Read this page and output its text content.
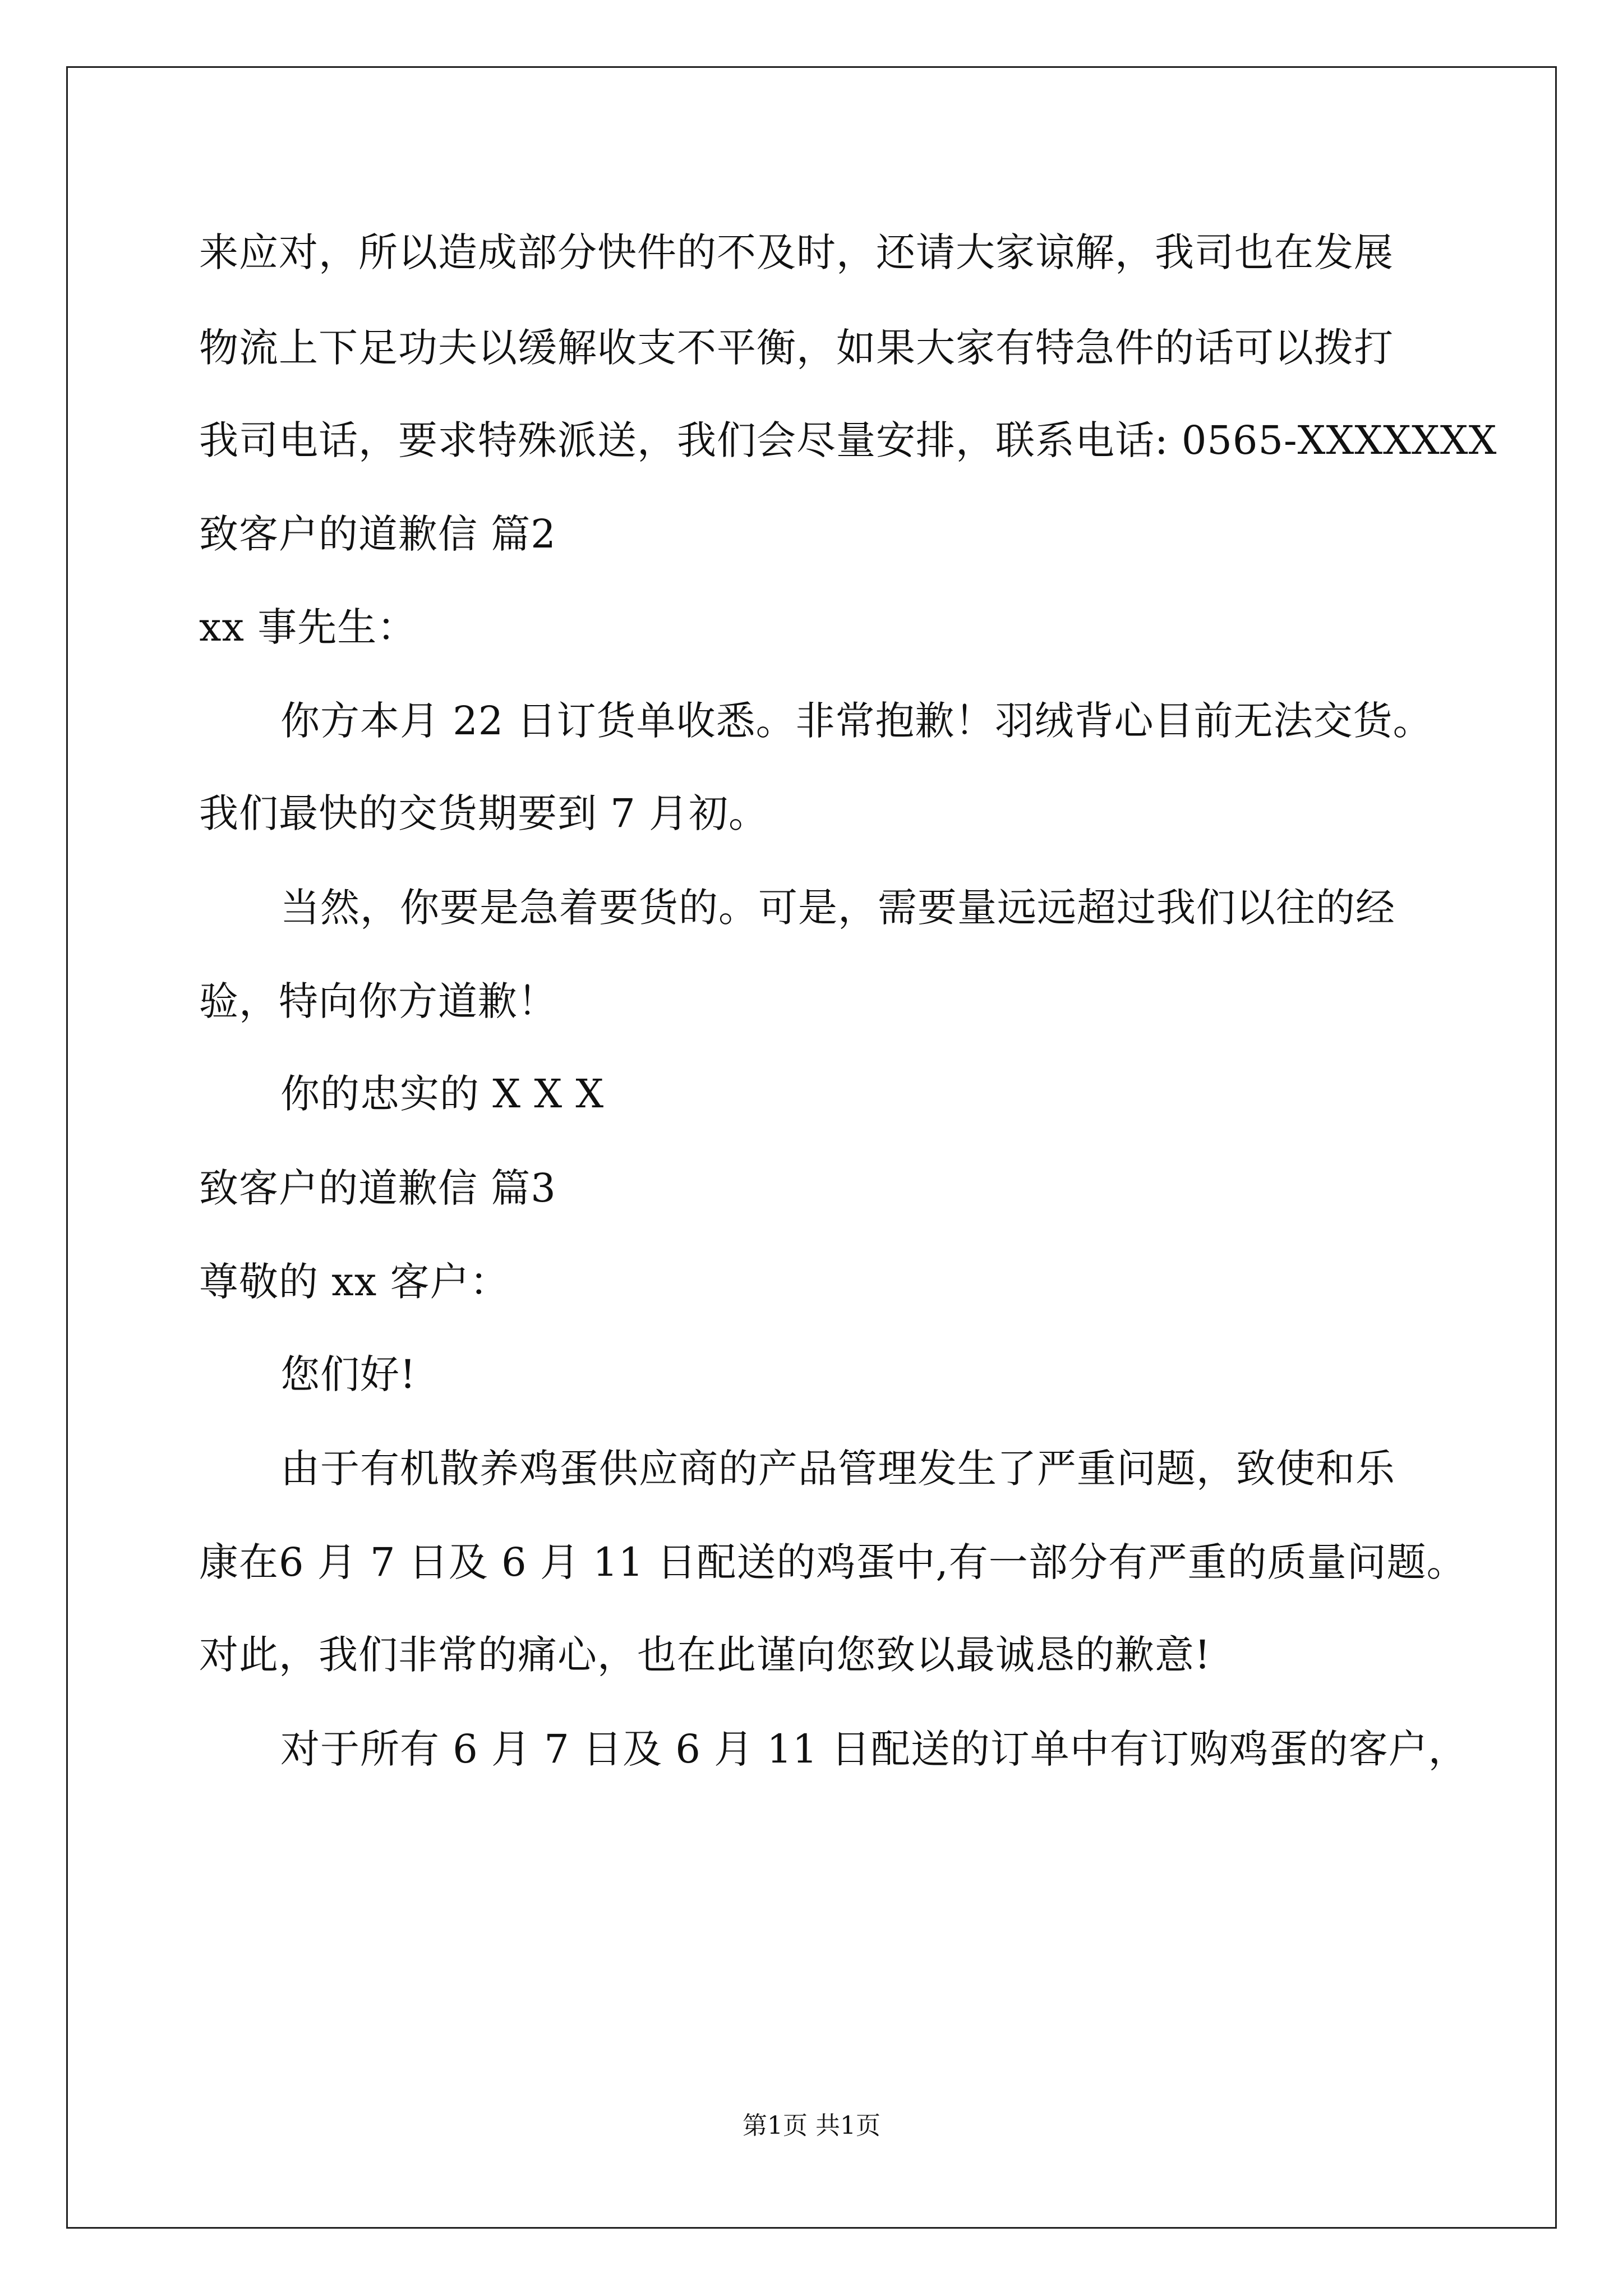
来应对，所以造成部分快件的不及时，还请大家谅解，我司也在发展
物流上下足功夫以缓解收支不平衡，如果大家有特急件的话可以拨打
我司电话，要求特殊派送，我们会尽量安排，联系电话: 0565-XXXXXXX
致客户的道歉信 篇2
xx 事先生：
你方本月 22 日订货单收悉。非常抱歉！羽绒背心目前无法交货。
我们最快的交货期要到 7 月初。
当然，你要是急着要货的。可是，需要量远远超过我们以往的经
验，特向你方道歉！
你的忠实的 X X X
致客户的道歉信 篇3
尊敬的 xx 客户：
您们好!
由于有机散养鸡蛋供应商的产品管理发生了严重问题，致使和乐
康在6 月 7 日及 6 月 11 日配送的鸡蛋中,有一部分有严重的质量问题。
对此，我们非常的痛心，也在此谨向您致以最诚恳的歉意!
对于所有 6 月 7 日及 6 月 11 日配送的订单中有订购鸡蛋的客户，
第1页 共1页
